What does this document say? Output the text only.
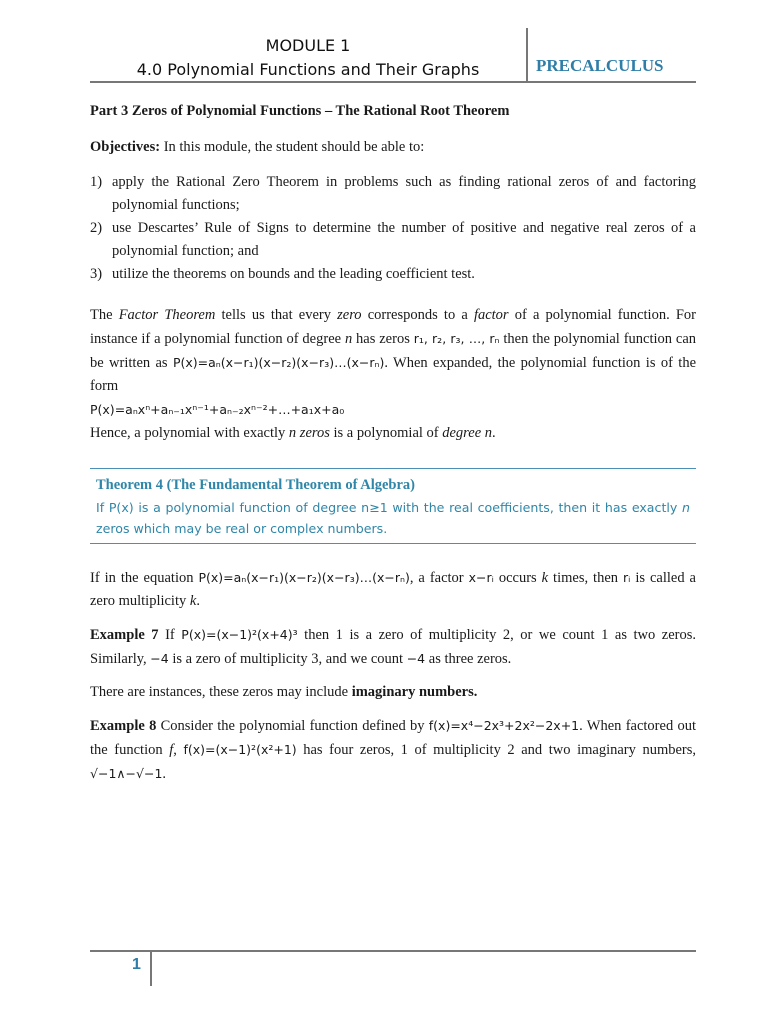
MODULE 1
4.0 Polynomial Functions and Their Graphs	PRECALCULUS

Part 3 Zeros of Polynomial Functions – The Rational Root Theorem

Objectives: In this module, the student should be able to:

1) apply the Rational Zero Theorem in problems such as finding rational zeros of and factoring polynomial functions;
2) use Descartes’ Rule of Signs to determine the number of positive and negative real zeros of a polynomial function; and
3) utilize the theorems on bounds and the leading coefficient test.

The Factor Theorem tells us that every zero corresponds to a factor of a polynomial function. For instance if a polynomial function of degree n has zeros r₁, r₂, r₃, …, rₙ then the polynomial function can be written as P(x)=aₙ(x−r₁)(x−r₂)(x−r₃)…(x−rₙ). When expanded, the polynomial function is of the form
P(x)=aₙxⁿ+aₙ₋₁xⁿ⁻¹+aₙ₋₂xⁿ⁻²+…+a₁x+a₀
Hence, a polynomial with exactly n zeros is a polynomial of degree n.

Theorem 4 (The Fundamental Theorem of Algebra)
If P(x) is a polynomial function of degree n≥1 with the real coefficients, then it has exactly n zeros which may be real or complex numbers.

If in the equation P(x)=aₙ(x−r₁)(x−r₂)(x−r₃)…(x−rₙ), a factor x−rᵢ occurs k times, then rᵢ is called a zero multiplicity k.

Example 7 If P(x)=(x−1)²(x+4)³ then 1 is a zero of multiplicity 2, or we count 1 as two zeros. Similarly, −4 is a zero of multiplicity 3, and we count −4 as three zeros.

There are instances, these zeros may include imaginary numbers.

Example 8 Consider the polynomial function defined by f(x)=x⁴−2x³+2x²−2x+1. When factored out the function f, f(x)=(x−1)²(x²+1) has four zeros, 1 of multiplicity 2 and two imaginary numbers, √−1∧−√−1.

1
